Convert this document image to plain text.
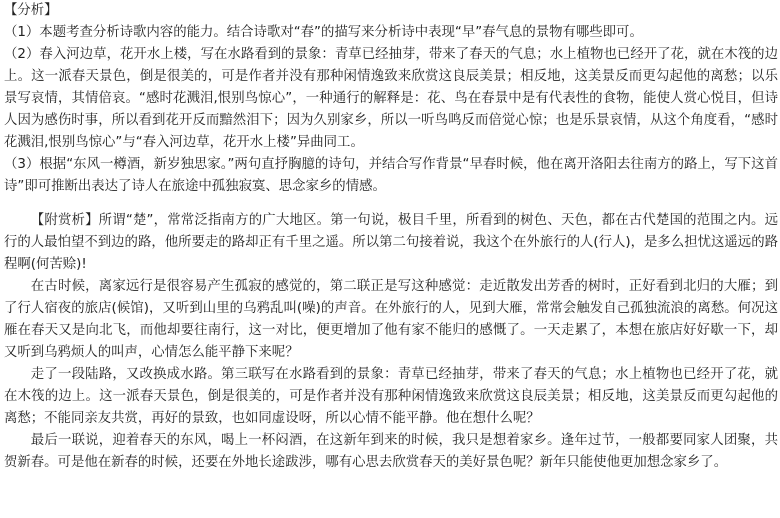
【分析】

（1）本题考查分析诗歌内容的能力。结合诗歌对“春”的描写来分析诗中表现“早”春气息的景物有哪些即可。

（2）春入河边草，花开水上楼，写在水路看到的景象：青草已经抽芽，带来了春天的气息；水上植物也已经开了花，就在木筏的边上。这一派春天景色，倒是很美的，可是作者并没有那种闲情逸致来欣赏这良辰美景；相反地，这美景反而更勾起他的离愁；以乐景写哀情，其情倍哀。“感时花溅泪,恨别鸟惊心”，一种通行的解释是：花、鸟在春景中是有代表性的食物，能使人赏心悦目，但诗人因为感伤时事，所以看到花开反而黯然泪下；因为久别家乡，所以一听鸟鸣反而倍觉心惊；也是乐景哀情，从这个角度看，“感时花溅泪,恨别鸟惊心”与“春入河边草，花开水上楼”异曲同工。

（3）根据“东风一樽酒，新岁独思家。”两句直抒胸臆的诗句，并结合写作背景“早春时候，他在离开洛阳去往南方的路上，写下这首诗”即可推断出表达了诗人在旅途中孤独寂寞、思念家乡的情感。

【附赏析】所谓“楚”，常常泛指南方的广大地区。第一句说，极目千里，所看到的树色、天色，都在古代楚国的范围之内。远行的人最怕望不到边的路，他所要走的路却正有千里之遥。所以第二句接着说，我这个在外旅行的人(行人)，是多么担忧这遥远的路程啊(何苦赊)!

在古时候，离家远行是很容易产生孤寂的感觉的，第二联正是写这种感觉：走近散发出芳香的树时，正好看到北归的大雁；到了行人宿夜的旅店(候馆)，又听到山里的乌鸦乱叫(噪)的声音。在外旅行的人，见到大雁，常常会触发自己孤独流浪的离愁。何况这雁在春天又是向北飞，而他却要往南行，这一对比，便更增加了他有家不能归的感慨了。一天走累了，本想在旅店好好歇一下，却又听到乌鸦烦人的叫声，心情怎么能平静下来呢？

走了一段陆路，又改换成水路。第三联写在水路看到的景象：青草已经抽芽，带来了春天的气息；水上植物也已经开了花，就在木筏的边上。这一派春天景色，倒是很美的，可是作者并没有那种闲情逸致来欣赏这良辰美景；相反地，这美景反而更勾起他的离愁；不能同亲友共赏，再好的景致，也如同虚设呀，所以心情不能平静。他在想什么呢？

最后一联说，迎着春天的东风，喝上一杯闷酒，在这新年到来的时候，我只是想着家乡。逢年过节，一般都要同家人团聚，共贺新春。可是他在新春的时候，还要在外地长途跋涉，哪有心思去欣赏春天的美好景色呢？新年只能使他更加想念家乡了。
